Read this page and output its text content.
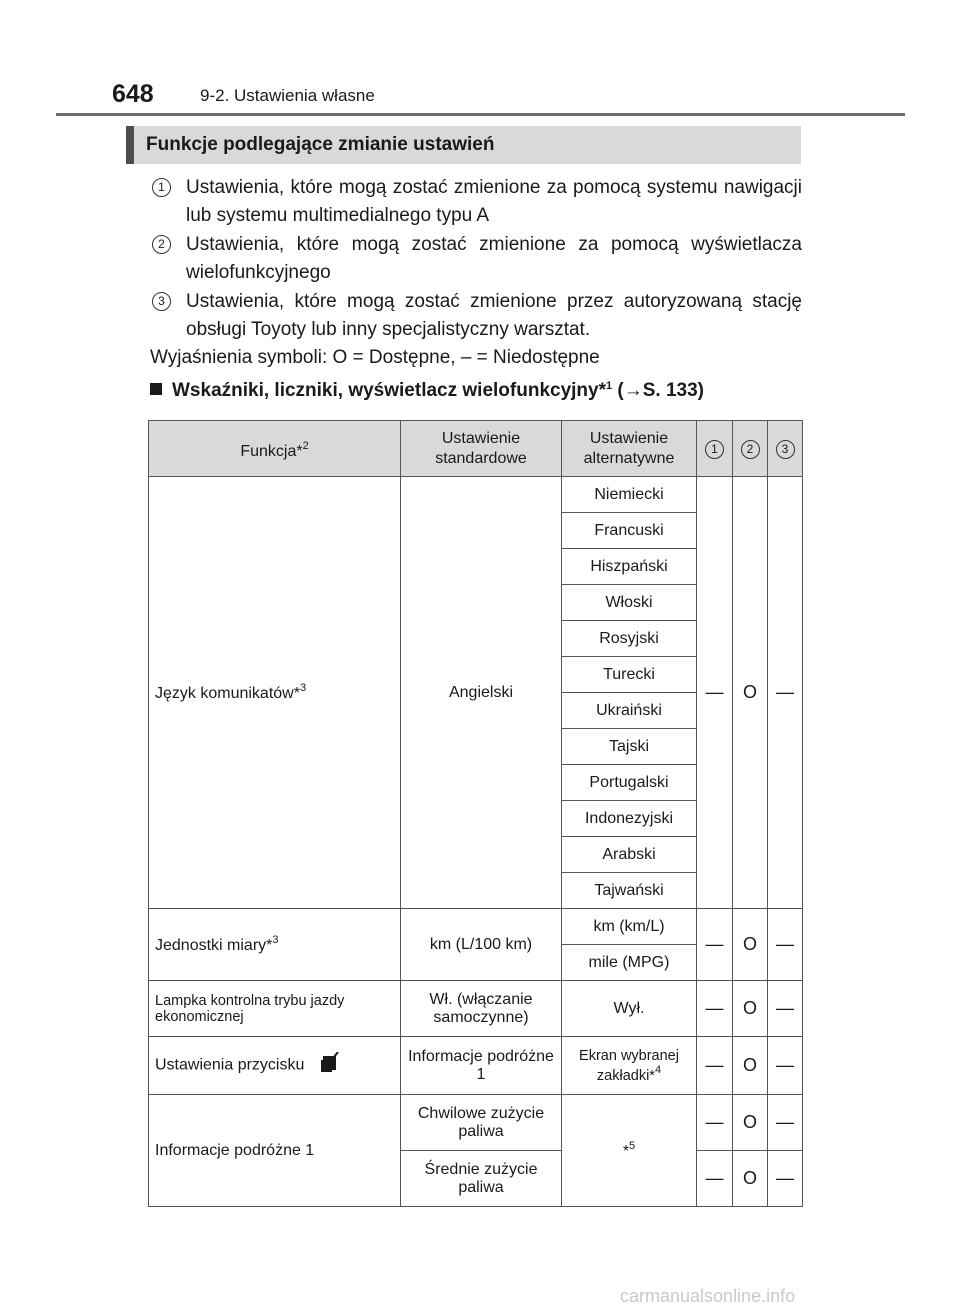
648	9-2. Ustawienia własne
Funkcje podlegające zmianie ustawień
1	Ustawienia, które mogą zostać zmienione za pomocą systemu nawigacji lub systemu multimedialnego typu A
2	Ustawienia, które mogą zostać zmienione za pomocą wyświetlacza wielofunkcyjnego
3	Ustawienia, które mogą zostać zmienione przez autoryzowaną stację obsługi Toyoty lub inny specjalistyczny warsztat.
Wyjaśnienia symboli: O = Dostępne, – = Niedostępne
Wskaźniki, liczniki, wyświetlacz wielofunkcyjny*$^1$ (→S. 133)
Funkcja*$^2$	Ustawienie standardowe	Ustawienie alternatywne	1	2	3
Język komunikatów*$^3$	Angielski	Niemiecki	—	O	—
		Francuski			
		Hiszpański			
		Włoski			
		Rosyjski			
		Turecki			
		Ukraiński			
		Tajski			
		Portugalski			
		Indonezyjski			
		Arabski			
		Tajwański			
Jednostki miary*$^3$	km (L/100 km)	km (km/L)	—	O	—
		mile (MPG)			
Lampka kontrolna trybu jazdy ekonomicznej	Wł. (włączanie samoczynne)	Wył.	—	O	—
Ustawienia przycisku	Informacje podróżne 1	Ekran wybranej zakładki*$^4$	—	O	—
Informacje podróżne 1	Chwilowe zużycie paliwa	*$^5$	—	O	—
	Średnie zużycie paliwa		—	O	—
carmanualsonline.info
